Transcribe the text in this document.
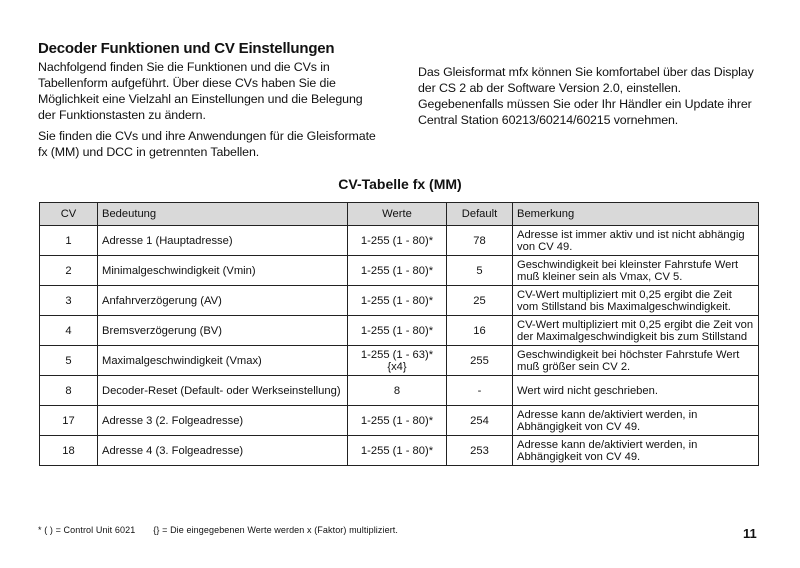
Decoder Funktionen und CV Einstellungen

Nachfolgend finden Sie die Funktionen und die CVs in Tabellenform aufgeführt. Über diese CVs haben Sie die Möglichkeit eine Vielzahl an Einstellungen und die Belegung der Funktionstasten zu ändern.

Sie finden die CVs und ihre Anwendungen für die Gleisformate fx (MM) und DCC in getrennten Tabellen.

Das Gleisformat mfx können Sie komfortabel über das Display der CS 2 ab der Software Version 2.0, einstellen. Gegebenenfalls müssen Sie oder Ihr Händler ein Update ihrer Central Station 60213/60214/60215 vornehmen.

CV-Tabelle fx (MM)
CV	Bedeutung	Werte	Default	Bemerkung
1	Adresse 1 (Hauptadresse)	1-255 (1 - 80)*	78	Adresse ist immer aktiv und ist nicht abhängig von CV 49.
2	Minimalgeschwindigkeit (Vmin)	1-255 (1 - 80)*	5	Geschwindigkeit bei kleinster Fahrstufe Wert muß kleiner sein als Vmax, CV 5.
3	Anfahrverzögerung (AV)	1-255 (1 - 80)*	25	CV-Wert multipliziert mit 0,25 ergibt die Zeit vom Stillstand bis Maximalgeschwindigkeit.
4	Bremsverzögerung (BV)	1-255 (1 - 80)*	16	CV-Wert multipliziert mit 0,25 ergibt die Zeit von der Maximalgeschwindigkeit bis zum Stillstand
5	Maximalgeschwindigkeit (Vmax)	1-255 (1 - 63)* {x4}	255	Geschwindigkeit bei höchster Fahrstufe Wert muß größer sein CV 2.
8	Decoder-Reset (Default- oder Werkseinstellung)	8	-	Wert wird nicht geschrieben.
17	Adresse 3 (2. Folgeadresse)	1-255 (1 - 80)*	254	Adresse kann de/aktiviert werden, in Abhängigkeit von CV 49.
18	Adresse 4 (3. Folgeadresse)	1-255 (1 - 80)*	253	Adresse kann de/aktiviert werden, in Abhängigkeit von CV 49.
* ( ) = Control Unit 6021 {} = Die eingegebenen Werte werden x (Faktor) multipliziert.	11
